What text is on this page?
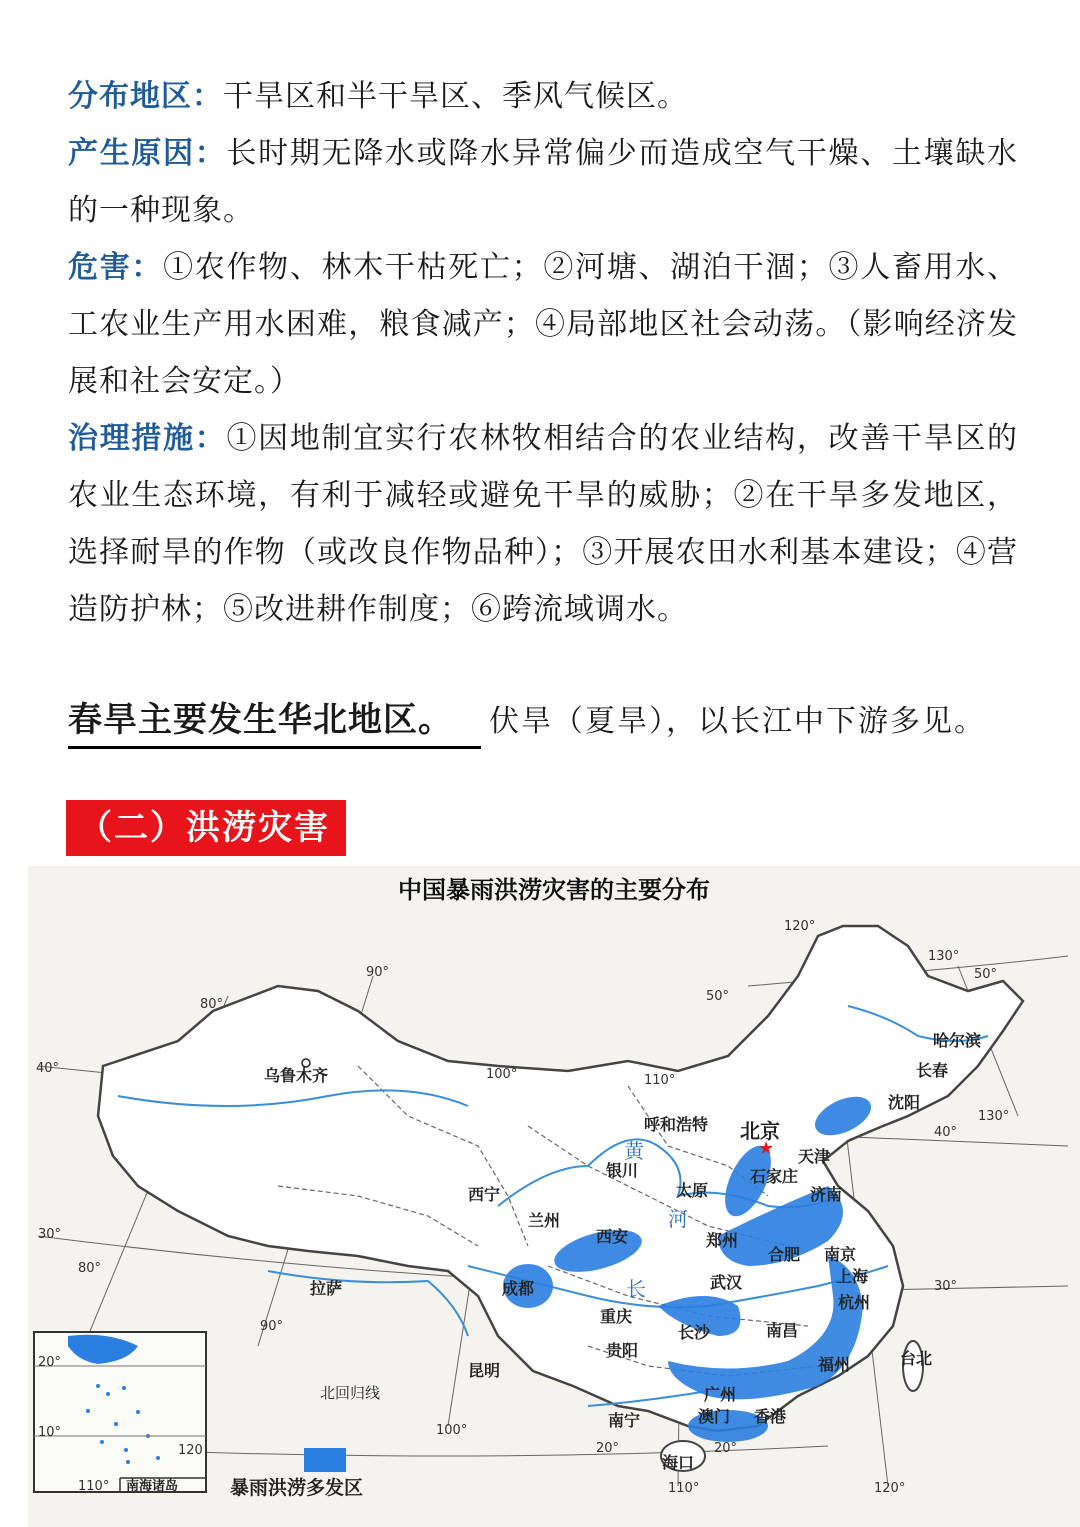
分布地区：干旱区和半干旱区、季风气候区。

产生原因：长时期无降水或降水异常偏少而造成空气干燥、土壤缺水的一种现象。

危害：①农作物、林木干枯死亡；②河塘、湖泊干涸；③人畜用水、工农业生产用水困难，粮食减产；④局部地区社会动荡。（影响经济发展和社会安定。）

治理措施：①因地制宜实行农林牧相结合的农业结构，改善干旱区的农业生态环境，有利于减轻或避免干旱的威胁；②在干旱多发地区，选择耐旱的作物（或改良作物品种）；③开展农田水利基本建设；④营造防护林；⑤改进耕作制度；⑥跨流域调水。

春旱主要发生华北地区。 伏旱（夏旱），以长江中下游多见。
（二）洪涝灾害
中国暴雨洪涝灾害的主要分布
乌鲁木齐
哈尔滨
长春
沈阳
呼和浩特 北京
天津
石家庄
银川
太原	济南
西宁
兰州
西安	郑州
合肥 南京
上海
成都	武汉
杭州
拉萨
重庆
长沙	南昌
贵阳
福州	台北
昆明
广州
南宁	澳门 香港
海口
★
黄
河
长
北回归线
120°
130°
50°
50°
90°
80°
40°	100°	110°
130°
40°
30°
80°
30°
90°
100°
20°	20°
110°	120°
20°
10°
110°
120
南海诸岛	暴雨洪涝多发区
